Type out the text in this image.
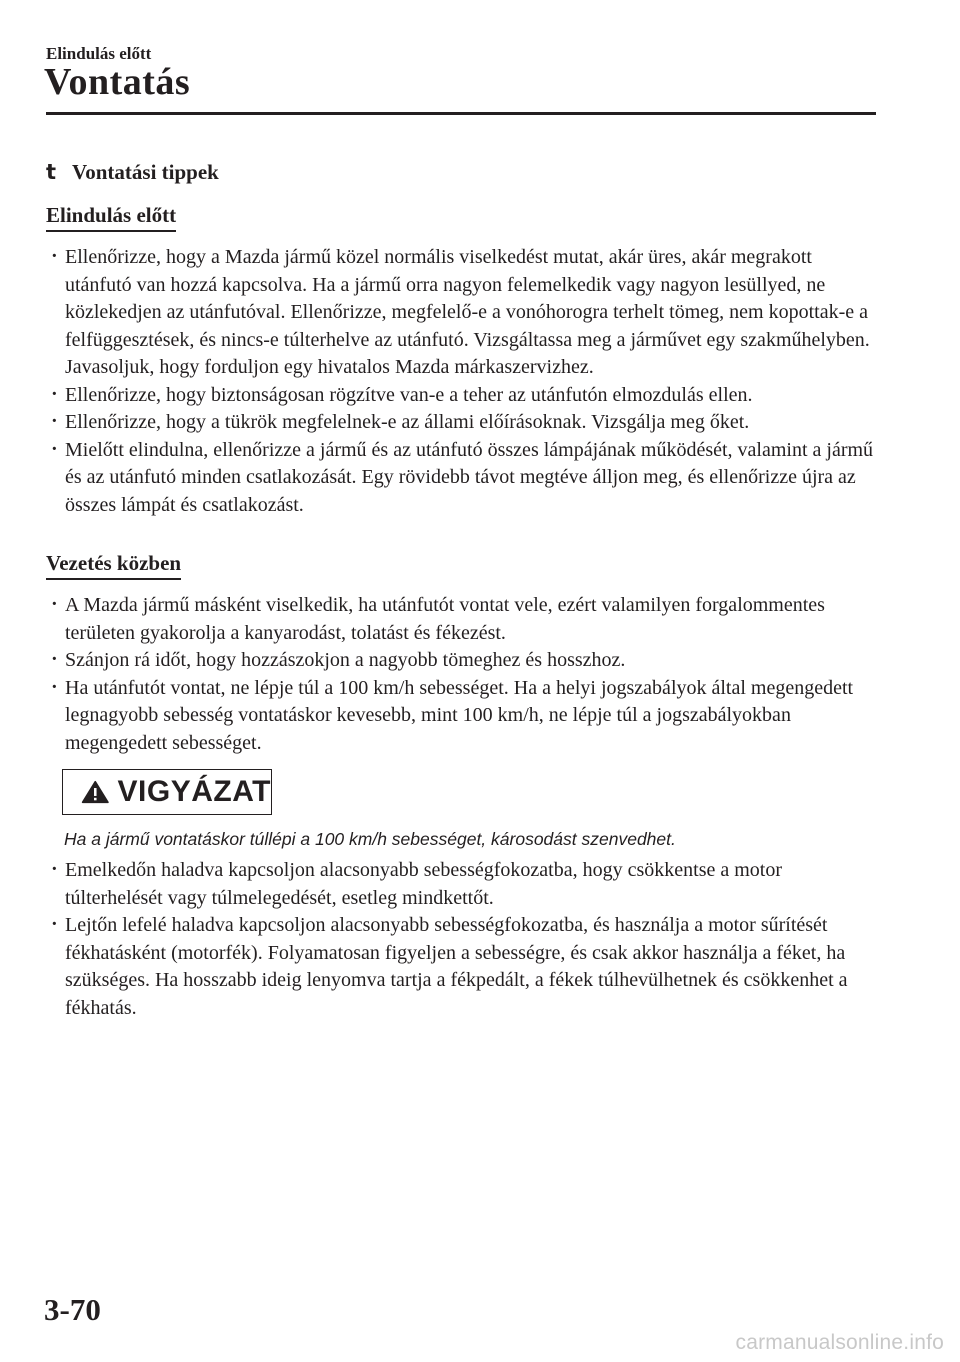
Elindulás előtt
Vontatás
t Vontatási tippek
Elindulás előtt
· Ellenőrizze, hogy a Mazda jármű közel normális viselkedést mutat, akár üres, akár megrakott utánfutó van hozzá kapcsolva. Ha a jármű orra nagyon felemelkedik vagy nagyon lesüllyed, ne közlekedjen az utánfutóval. Ellenőrizze, megfelelő-e a vonóhorogra terhelt tömeg, nem kopottak-e a felfüggesztések, és nincs-e túlterhelve az utánfutó. Vizsgáltassa meg a járművet egy szakműhelyben. Javasoljuk, hogy forduljon egy hivatalos Mazda márkaszervizhez.
· Ellenőrizze, hogy biztonságosan rögzítve van-e a teher az utánfutón elmozdulás ellen.
· Ellenőrizze, hogy a tükrök megfelelnek-e az állami előírásoknak. Vizsgálja meg őket.
· Mielőtt elindulna, ellenőrizze a jármű és az utánfutó összes lámpájának működését, valamint a jármű és az utánfutó minden csatlakozását. Egy rövidebb távot megtéve álljon meg, és ellenőrizze újra az összes lámpát és csatlakozást.
Vezetés közben
· A Mazda jármű másként viselkedik, ha utánfutót vontat vele, ezért valamilyen forgalommentes területen gyakorolja a kanyarodást, tolatást és fékezést.
· Szánjon rá időt, hogy hozzászokjon a nagyobb tömeghez és hosszhoz.
· Ha utánfutót vontat, ne lépje túl a 100 km/h sebességet. Ha a helyi jogszabályok által megengedett legnagyobb sebesség vontatáskor kevesebb, mint 100 km/h, ne lépje túl a jogszabályokban megengedett sebességet.
VIGYÁZAT
Ha a jármű vontatáskor túllépi a 100 km/h sebességet, károsodást szenvedhet.
· Emelkedőn haladva kapcsoljon alacsonyabb sebességfokozatba, hogy csökkentse a motor túlterhelését vagy túlmelegedését, esetleg mindkettőt.
· Lejtőn lefelé haladva kapcsoljon alacsonyabb sebességfokozatba, és használja a motor sűrítését fékhatásként (motorfék). Folyamatosan figyeljen a sebességre, és csak akkor használja a féket, ha szükséges. Ha hosszabb ideig lenyomva tartja a fékpedált, a fékek túlhevülhetnek és csökkenhet a fékhatás.
3-70
carmanualsonline.info
